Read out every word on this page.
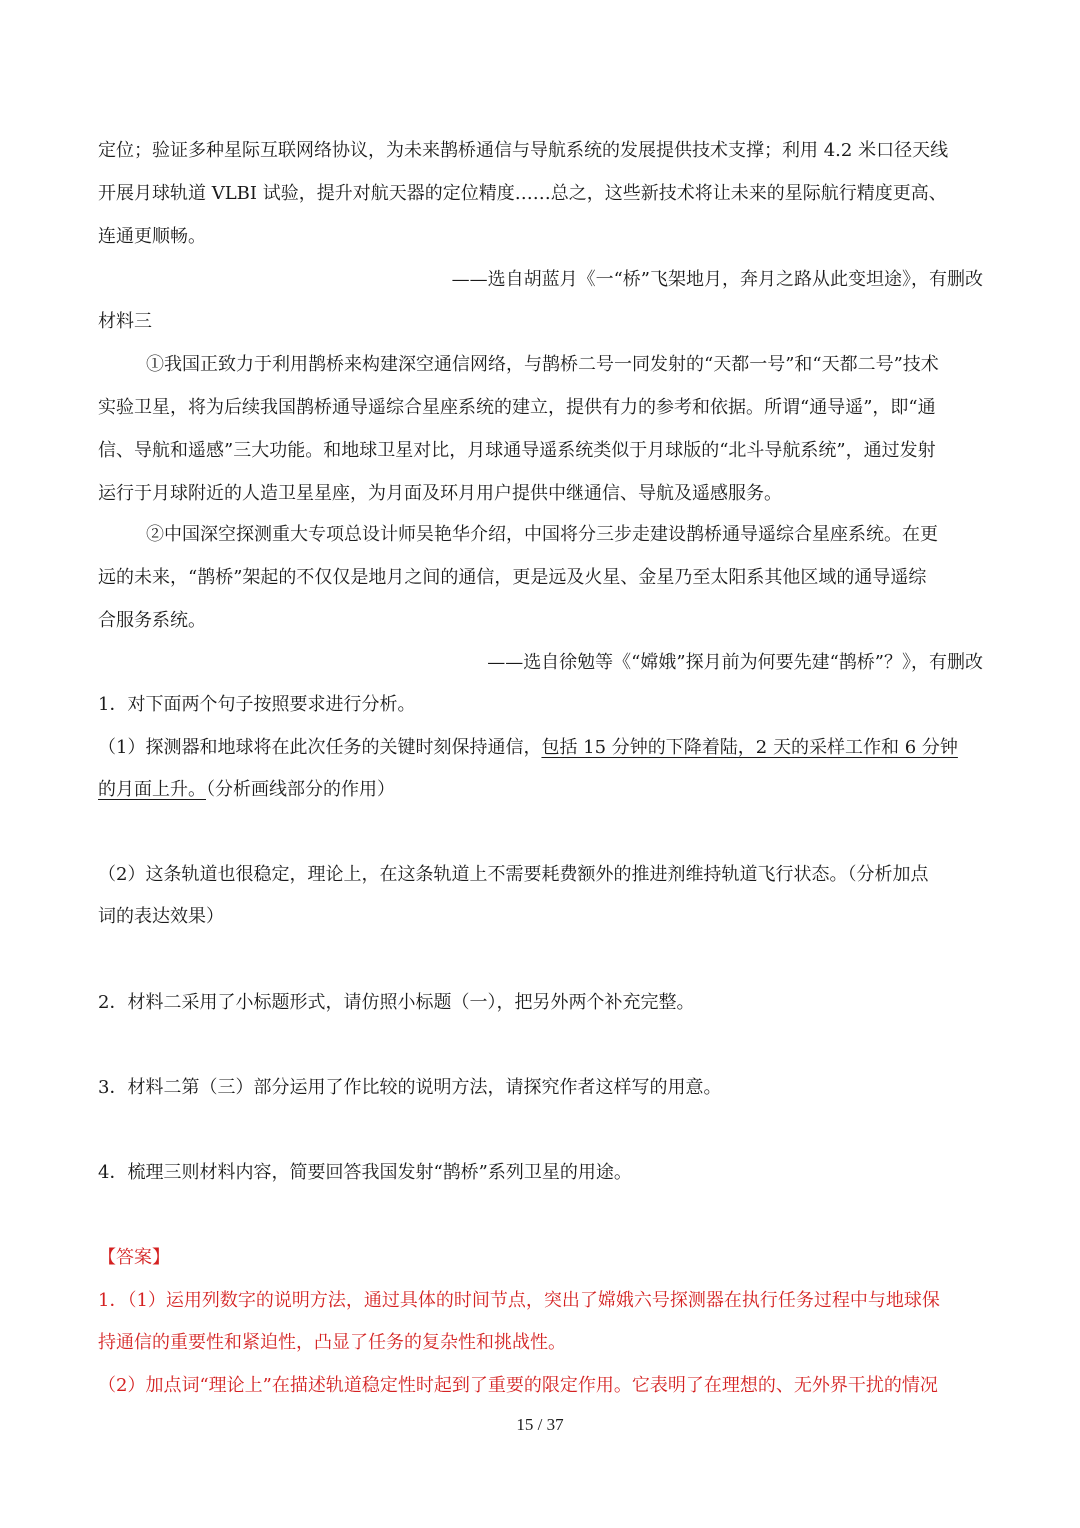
定位；验证多种星际互联网络协议，为未来鹊桥通信与导航系统的发展提供技术支撑；利用 4.2 米口径天线
开展月球轨道 VLBI 试验，提升对航天器的定位精度……总之，这些新技术将让未来的星际航行精度更高、
连通更顺畅。
——选自胡蓝月《一“桥”飞架地月，奔月之路从此变坦途》，有删改
材料三
①我国正致力于利用鹊桥来构建深空通信网络，与鹊桥二号一同发射的“天都一号”和“天都二号”技术
实验卫星，将为后续我国鹊桥通导遥综合星座系统的建立，提供有力的参考和依据。所谓“通导遥”，即“通
信、导航和遥感”三大功能。和地球卫星对比，月球通导遥系统类似于月球版的“北斗导航系统”，通过发射
运行于月球附近的人造卫星星座，为月面及环月用户提供中继通信、导航及遥感服务。
②中国深空探测重大专项总设计师吴艳华介绍，中国将分三步走建设鹊桥通导遥综合星座系统。在更
远的未来，“鹊桥”架起的不仅仅是地月之间的通信，更是远及火星、金星乃至太阳系其他区域的通导遥综
合服务系统。
——选自徐勉等《“嫦娥”探月前为何要先建“鹊桥”？》，有删改
1．对下面两个句子按照要求进行分析。
（1）探测器和地球将在此次任务的关键时刻保持通信，包括 15 分钟的下降着陆，2 天的采样工作和 6 分钟
的月面上升。（分析画线部分的作用）
（2）这条轨道也很稳定，理论上，在这条轨道上不需要耗费额外的推进剂维持轨道飞行状态。（分析加点
词的表达效果）
2．材料二采用了小标题形式，请仿照小标题（一），把另外两个补充完整。
3．材料二第（三）部分运用了作比较的说明方法，请探究作者这样写的用意。
4．梳理三则材料内容，简要回答我国发射“鹊桥”系列卫星的用途。
【答案】
1．（1）运用列数字的说明方法，通过具体的时间节点，突出了嫦娥六号探测器在执行任务过程中与地球保
持通信的重要性和紧迫性，凸显了任务的复杂性和挑战性。
（2）加点词“理论上”在描述轨道稳定性时起到了重要的限定作用。它表明了在理想的、无外界干扰的情况
15 / 37
